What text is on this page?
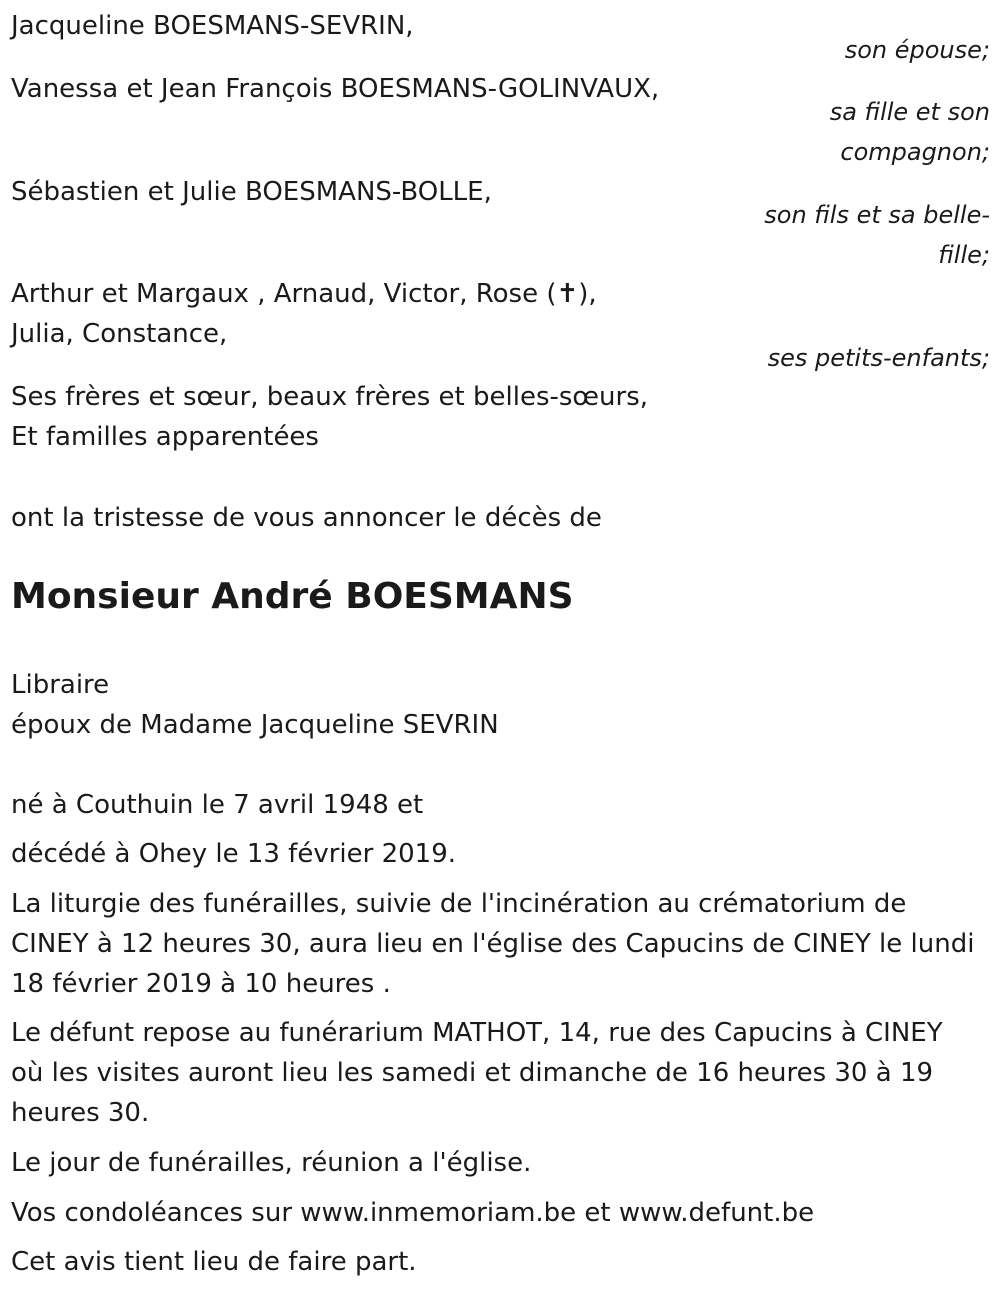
Jacqueline BOESMANS-SEVRIN,
son épouse;
Vanessa et Jean François BOESMANS-GOLINVAUX,
sa fille et son
compagnon;
Sébastien et Julie BOESMANS-BOLLE,
son fils et sa belle-
fille;
Arthur et Margaux , Arnaud, Victor, Rose (✝),
Julia, Constance,
ses petits-enfants;
Ses frères et sœur, beaux frères et belles-sœurs,
Et familles apparentées
ont la tristesse de vous annoncer le décès de
Monsieur André BOESMANS
Libraire
époux de Madame Jacqueline SEVRIN
né à Couthuin le 7 avril 1948 et
décédé à Ohey le 13 février 2019.
La liturgie des funérailles, suivie de l'incinération au crématorium de
CINEY à 12 heures 30, aura lieu en l'église des Capucins de CINEY le lundi
18 février 2019 à 10 heures .
Le défunt repose au funérarium MATHOT, 14, rue des Capucins à CINEY
où les visites auront lieu les samedi et dimanche de 16 heures 30 à 19
heures 30.
Le jour de funérailles, réunion a l'église.
Vos condoléances sur www.inmemoriam.be et www.defunt.be
Cet avis tient lieu de faire part.
